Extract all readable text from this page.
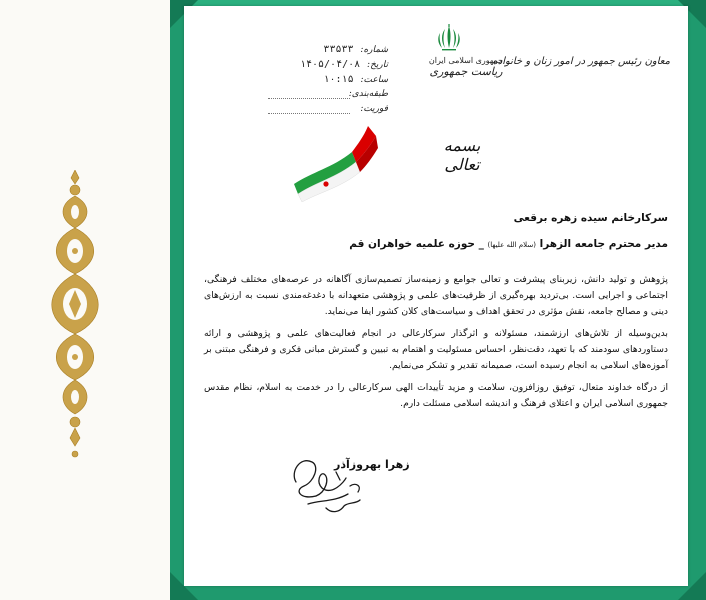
معاون رئیس جمهور در امور زنان و خانواده
جمهوری اسلامی ایران
ریاست جمهوری
شماره: ۳۳۵۳۳
تاریخ: ۱۴۰۵/۰۴/۰۸
ساعت: ۱۰:۱۵
طبقه‌بندی:
فوریت:
بسمه تعالی
سرکارخانم سیده زهره برقعی
مدیر محترم جامعه الزهرا (سلام الله علیها) _ حوزه علمیه خواهران قم

پژوهش و تولید دانش، زیربنای پیشرفت و تعالی جوامع و زمینه‌ساز تصمیم‌سازی آگاهانه در عرصه‌های مختلف فرهنگی، اجتماعی و اجرایی است. بی‌تردید بهره‌گیری از ظرفیت‌های علمی و پژوهشی متعهدانه با دغدغه‌مندی نسبت به ارزش‌های دینی و مصالح جامعه، نقش مؤثری در تحقق اهداف و سیاست‌های کلان کشور ایفا می‌نماید.

بدین‌وسیله از تلاش‌های ارزشمند، مسئولانه و اثرگذار سرکارعالی در انجام فعالیت‌های علمی و پژوهشی و ارائه دستاوردهای سودمند که با تعهد، دقت‌نظر، احساس مسئولیت و اهتمام به تبیین و گسترش مبانی فکری و فرهنگی مبتنی بر آموزه‌های اسلامی به انجام رسیده است، صمیمانه تقدیر و تشکر می‌نمایم.

از درگاه خداوند متعال، توفیق روزافزون، سلامت و مزید تأییدات الهی سرکارعالی را در خدمت به اسلام، نظام مقدس جمهوری اسلامی ایران و اعتلای فرهنگ و اندیشه اسلامی مسئلت دارم.

زهرا بهروزآذر
